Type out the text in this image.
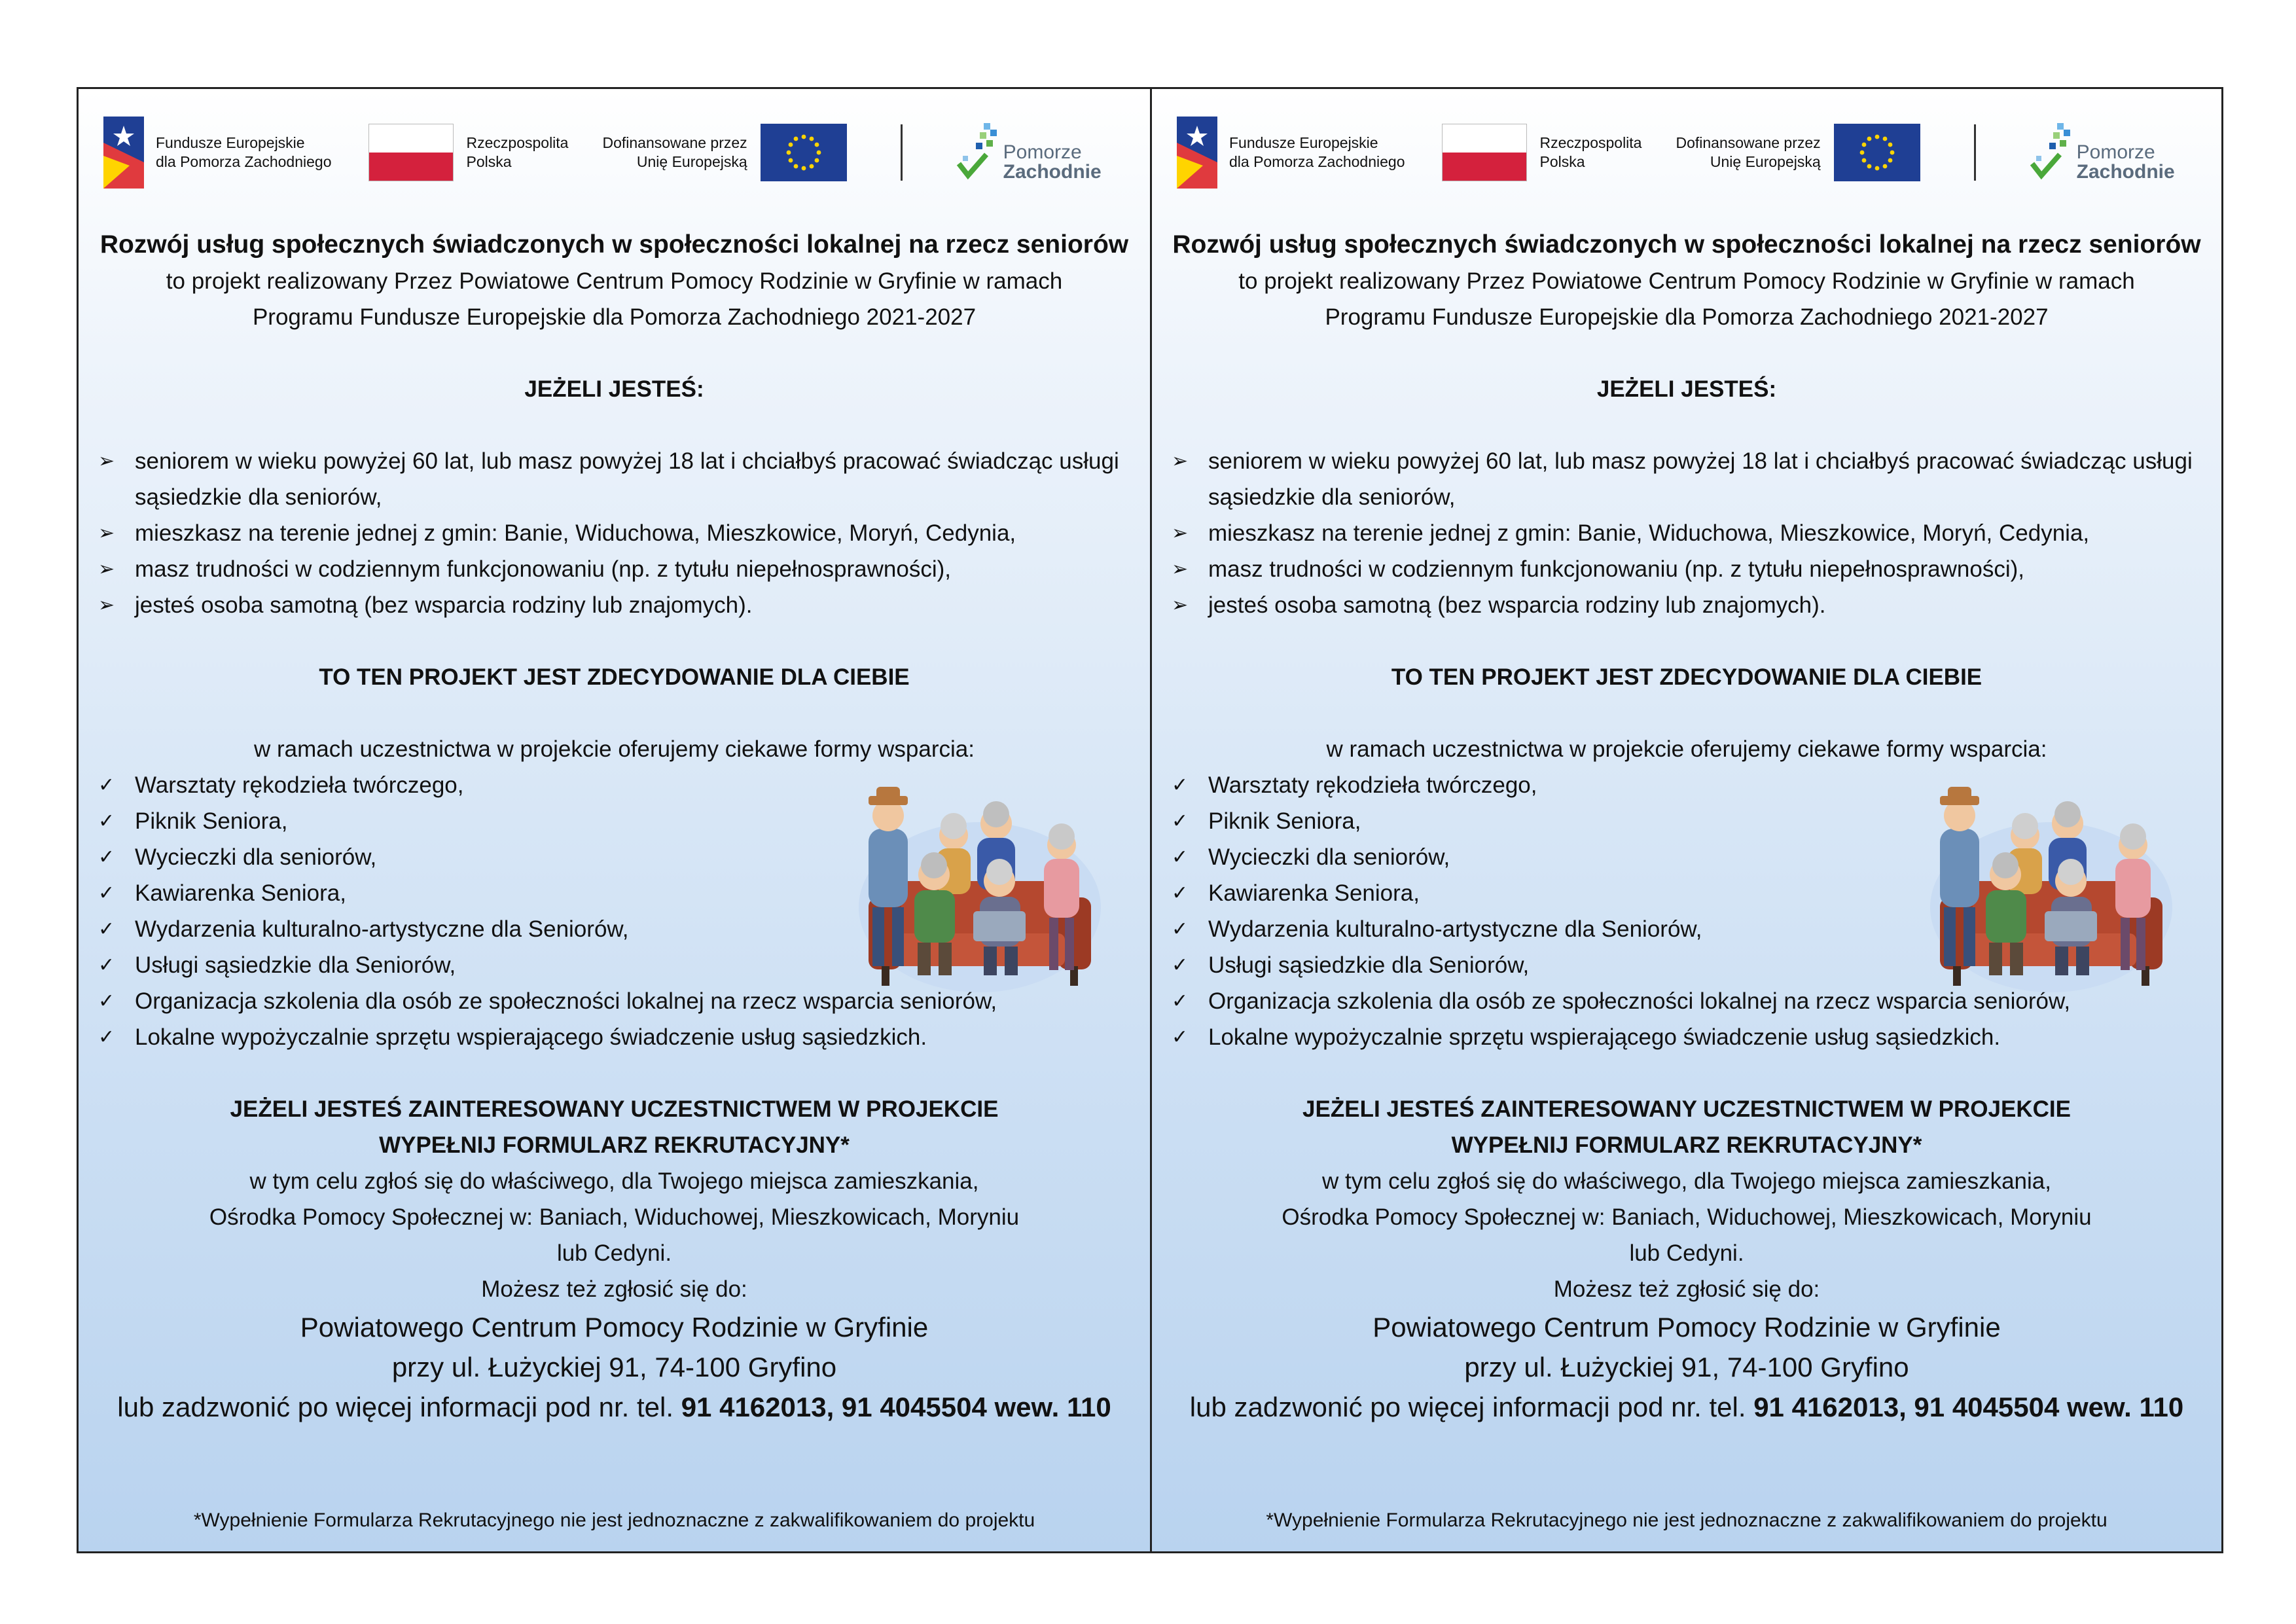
Fundusze Europejskie
dla Pomorza Zachodniego
Rzeczpospolita
Polska
Dofinansowane przez
Unię Europejską	Pomorze
Zachodnie
Rozwój usług społecznych świadczonych w społeczności lokalnej na rzecz seniorów
to projekt realizowany Przez Powiatowe Centrum Pomocy Rodzinie w Gryfinie w ramach
Programu Fundusze Europejskie dla Pomorza Zachodniego 2021-2027
JEŻELI JESTEŚ:
➢ seniorem w wieku powyżej 60 lat, lub masz powyżej 18 lat i chciałbyś pracować świadcząc usługi sąsiedzkie dla seniorów,
➢ mieszkasz na terenie jednej z gmin: Banie, Widuchowa, Mieszkowice, Moryń, Cedynia,
➢ masz trudności w codziennym funkcjonowaniu (np. z tytułu niepełnosprawności),
➢ jesteś osoba samotną (bez wsparcia rodziny lub znajomych).
TO TEN PROJEKT JEST ZDECYDOWANIE DLA CIEBIE
w ramach uczestnictwa w projekcie oferujemy ciekawe formy wsparcia:
✓ Warsztaty rękodzieła twórczego,
✓ Piknik Seniora,
✓ Wycieczki dla seniorów,
✓ Kawiarenka Seniora,
✓ Wydarzenia kulturalno-artystyczne dla Seniorów,
✓ Usługi sąsiedzkie dla Seniorów,
✓ Organizacja szkolenia dla osób ze społeczności lokalnej na rzecz wsparcia seniorów,
✓ Lokalne wypożyczalnie sprzętu wspierającego świadczenie usług sąsiedzkich.
JEŻELI JESTEŚ ZAINTERESOWANY UCZESTNICTWEM W PROJEKCIE
WYPEŁNIJ FORMULARZ REKRUTACYJNY*
w tym celu zgłoś się do właściwego, dla Twojego miejsca zamieszkania,
Ośrodka Pomocy Społecznej w: Baniach, Widuchowej, Mieszkowicach, Moryniu
lub Cedyni.
Możesz też zgłosić się do:
Powiatowego Centrum Pomocy Rodzinie w Gryfinie
przy ul. Łużyckiej 91, 74-100 Gryfino
lub zadzwonić po więcej informacji pod nr. tel. 91 4162013, 91 4045504 wew. 110
*Wypełnienie Formularza Rekrutacyjnego nie jest jednoznaczne z zakwalifikowaniem do projektu
Fundusze Europejskie
dla Pomorza Zachodniego
Rzeczpospolita
Polska
Dofinansowane przez
Unię Europejską	Pomorze
Zachodnie
Rozwój usług społecznych świadczonych w społeczności lokalnej na rzecz seniorów
to projekt realizowany Przez Powiatowe Centrum Pomocy Rodzinie w Gryfinie w ramach
Programu Fundusze Europejskie dla Pomorza Zachodniego 2021-2027
JEŻELI JESTEŚ:
➢ seniorem w wieku powyżej 60 lat, lub masz powyżej 18 lat i chciałbyś pracować świadcząc usługi sąsiedzkie dla seniorów,
➢ mieszkasz na terenie jednej z gmin: Banie, Widuchowa, Mieszkowice, Moryń, Cedynia,
➢ masz trudności w codziennym funkcjonowaniu (np. z tytułu niepełnosprawności),
➢ jesteś osoba samotną (bez wsparcia rodziny lub znajomych).
TO TEN PROJEKT JEST ZDECYDOWANIE DLA CIEBIE
w ramach uczestnictwa w projekcie oferujemy ciekawe formy wsparcia:
✓ Warsztaty rękodzieła twórczego,
✓ Piknik Seniora,
✓ Wycieczki dla seniorów,
✓ Kawiarenka Seniora,
✓ Wydarzenia kulturalno-artystyczne dla Seniorów,
✓ Usługi sąsiedzkie dla Seniorów,
✓ Organizacja szkolenia dla osób ze społeczności lokalnej na rzecz wsparcia seniorów,
✓ Lokalne wypożyczalnie sprzętu wspierającego świadczenie usług sąsiedzkich.
JEŻELI JESTEŚ ZAINTERESOWANY UCZESTNICTWEM W PROJEKCIE
WYPEŁNIJ FORMULARZ REKRUTACYJNY*
w tym celu zgłoś się do właściwego, dla Twojego miejsca zamieszkania,
Ośrodka Pomocy Społecznej w: Baniach, Widuchowej, Mieszkowicach, Moryniu
lub Cedyni.
Możesz też zgłosić się do:
Powiatowego Centrum Pomocy Rodzinie w Gryfinie
przy ul. Łużyckiej 91, 74-100 Gryfino
lub zadzwonić po więcej informacji pod nr. tel. 91 4162013, 91 4045504 wew. 110
*Wypełnienie Formularza Rekrutacyjnego nie jest jednoznaczne z zakwalifikowaniem do projektu
